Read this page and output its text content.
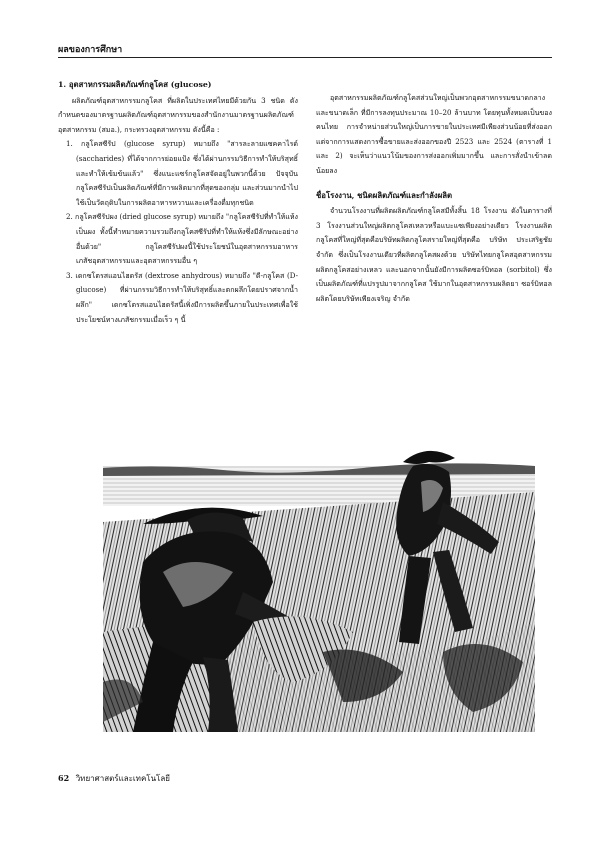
ผลของการศึกษา

1. อุตสาหกรรมผลิตภัณฑ์กลูโคส (glucose)

ผลิตภัณฑ์อุตสาหกรรมกลูโคส ที่ผลิตในประเทศไทยมีด้วยกัน 3 ชนิด ดังกำหนดของมาตรฐานผลิตภัณฑ์อุตสาหกรรมของสำนักงานมาตรฐานผลิตภัณฑ์อุตสาหกรรม (สมอ.), กระทรวงอุตสาหกรรม ดังนี้คือ :

1. กลูโคสซีรัป (glucose syrup) หมายถึง "สารละลายแซคคาไรด์ (saccharides) ที่ได้จากการย่อยแป้ง ซึ่งได้ผ่านกรรมวิธีการทำให้บริสุทธิ์และทำให้เข้มข้นแล้ว" ซึ่งแนะแซร์กลูโคสจัดอยู่ในพวกนี้ด้วย ปัจจุบันกลูโคสซีรัปเป็นผลิตภัณฑ์ที่มีการผลิตมากที่สุดของกลุ่ม และส่วนมากนำไปใช้เป็นวัตถุดิบในการผลิตอาหารหวานและเครื่องดื่มทุกชนิด

2. กลูโคสซีรัปผง (dried glucose syrup) หมายถึง "กลูโคสซีรัปที่ทำให้แห้งเป็นผง ทั้งนี้ทำหมายความรวมถึงกลูโคสซีรัปที่ทำให้แห้งซึ่งมีลักษณะอย่างอื่นด้วย" กลูโคสซีรัปผงนี้ใช้ประโยชน์ในอุตสาหกรรมอาหาร เภสัชอุตสาหกรรมและอุตสาหกรรมอื่น ๆ

3. เดกซโตรสแอนไฮดรัส (dextrose anhydrous) หมายถึง "ดี-กลูโคส (D-glucose) ที่ผ่านกรรมวิธีการทำให้บริสุทธิ์และตกผลึกโดยปราศจากน้ำผลึก" เดกซโตรสแอนไฮดรัสนี้เพิ่งมีการผลิตขึ้นภายในประเทศเพื่อใช้ประโยชน์ทางเภสัชกรรมเมื่อเร็ว ๆ นี้

อุตสาหกรรมผลิตภัณฑ์กลูโคสส่วนใหญ่เป็นพวกอุตสาหกรรมขนาดกลางและขนาดเล็ก ที่มีการลงทุนประมาณ 10–20 ล้านบาท โดยทุนทั้งหมดเป็นของคนไทย การจำหน่ายส่วนใหญ่เป็นการขายในประเทศมีเพียงส่วนน้อยที่ส่งออก แต่จากการแสดงการซื้อขายและส่งออกของปี 2523 และ 2524 (ตารางที่ 1 และ 2) จะเห็นว่าแนวโน้มของการส่งออกเพิ่มมากขึ้น และการสั่งนำเข้าลดน้อยลง

ชื่อโรงงาน, ชนิดผลิตภัณฑ์และกำลังผลิต

จำนวนโรงงานที่ผลิตผลิตภัณฑ์กลูโคสมีทั้งสิ้น 18 โรงงาน ดังในตารางที่ 3 โรงงานส่วนใหญ่ผลิตกลูโคสเหลวหรือแบะแซเพียงอย่างเดียว โรงงานผลิตกลูโคสที่ใหญ่ที่สุดคือบริษัทผลิตกลูโคสรายใหญ่ที่สุดคือ บริษัท ประเสริฐชัย จำกัด ซึ่งเป็นโรงงานเดียวที่ผลิตกลูโคสผงด้วย บริษัทไทยกลูโคสอุตสาหกรรม ผลิตกลูโคสอย่างเหลว และนอกจากนั้นยังมีการผลิตซอร์บิทอล (sorbitol) ซึ่งเป็นผลิตภัณฑ์ที่แปรรูปมาจากกลูโคส ใช้มากในอุตสาหกรรมผลิตยา ซอร์บิทอลผลิตโดยบริษัทเพียงเจริญ จำกัด

62 วิทยาศาสตร์และเทคโนโลยี
